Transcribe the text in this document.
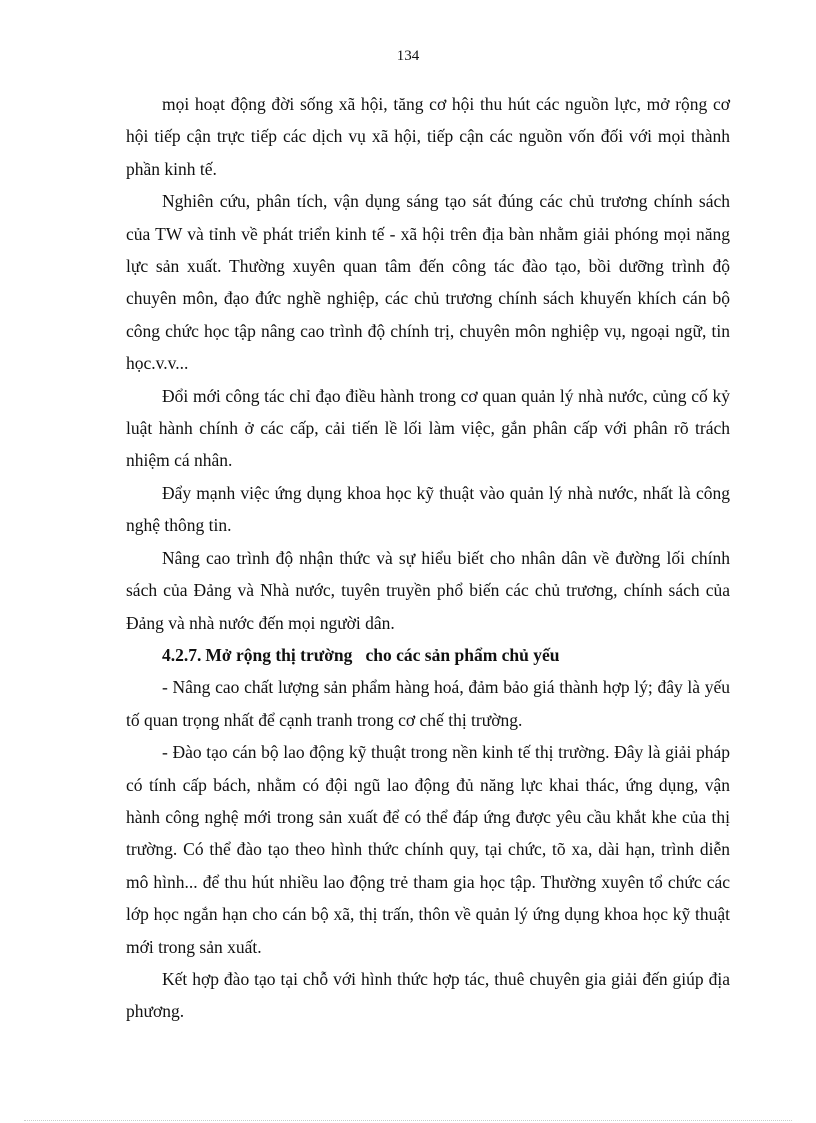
134

mọi hoạt động đời sống xã hội, tăng cơ hội thu hút các nguồn lực, mở rộng cơ hội tiếp cận trực tiếp các dịch vụ xã hội, tiếp cận các nguồn vốn đối với mọi thành phần kinh tế.

Nghiên cứu, phân tích, vận dụng sáng tạo sát đúng các chủ trương chính sách của TW và tỉnh về phát triển kinh tế - xã hội trên địa bàn nhằm giải phóng mọi năng lực sản xuất. Thường xuyên quan tâm đến công tác đào tạo, bồi dưỡng trình độ chuyên môn, đạo đức nghề nghiệp, các chủ trương chính sách khuyến khích cán bộ công chức học tập nâng cao trình độ chính trị, chuyên môn nghiệp vụ, ngoại ngữ, tin học.v.v...

Đổi mới công tác chỉ đạo điều hành trong cơ quan quản lý nhà nước, củng cố kỷ luật hành chính ở các cấp, cải tiến lề lối làm việc, gắn phân cấp với phân rõ trách nhiệm cá nhân.

Đẩy mạnh việc ứng dụng khoa học kỹ thuật vào quản lý nhà nước, nhất là công nghệ thông tin.

Nâng cao trình độ nhận thức và sự hiểu biết cho nhân dân về đường lối chính sách của Đảng và Nhà nước, tuyên truyền phổ biến các chủ trương, chính sách của Đảng và nhà nước đến mọi người dân.

4.2.7. Mở rộng thị trường   cho các sản phẩm chủ yếu

- Nâng cao chất lượng sản phẩm hàng hoá, đảm bảo giá thành hợp lý; đây là yếu tố quan trọng nhất để cạnh tranh trong cơ chế thị trường.

- Đào tạo cán bộ lao động kỹ thuật trong nền kinh tế thị trường. Đây là giải pháp có tính cấp bách, nhằm có đội ngũ lao động đủ năng lực khai thác, ứng dụng, vận hành công nghệ mới trong sản xuất để có thể đáp ứng được yêu cầu khắt khe của thị trường. Có thể đào tạo theo hình thức chính quy, tại chức, tõ xa, dài hạn, trình diễn mô hình... để thu hút nhiều lao động trẻ tham gia học tập. Thường xuyên tổ chức các lớp học ngắn hạn cho cán bộ xã, thị trấn, thôn về quản lý ứng dụng khoa học kỹ thuật mới trong sản xuất.

Kết hợp đào tạo tại chỗ với hình thức hợp tác, thuê chuyên gia giải đến giúp địa phương.
